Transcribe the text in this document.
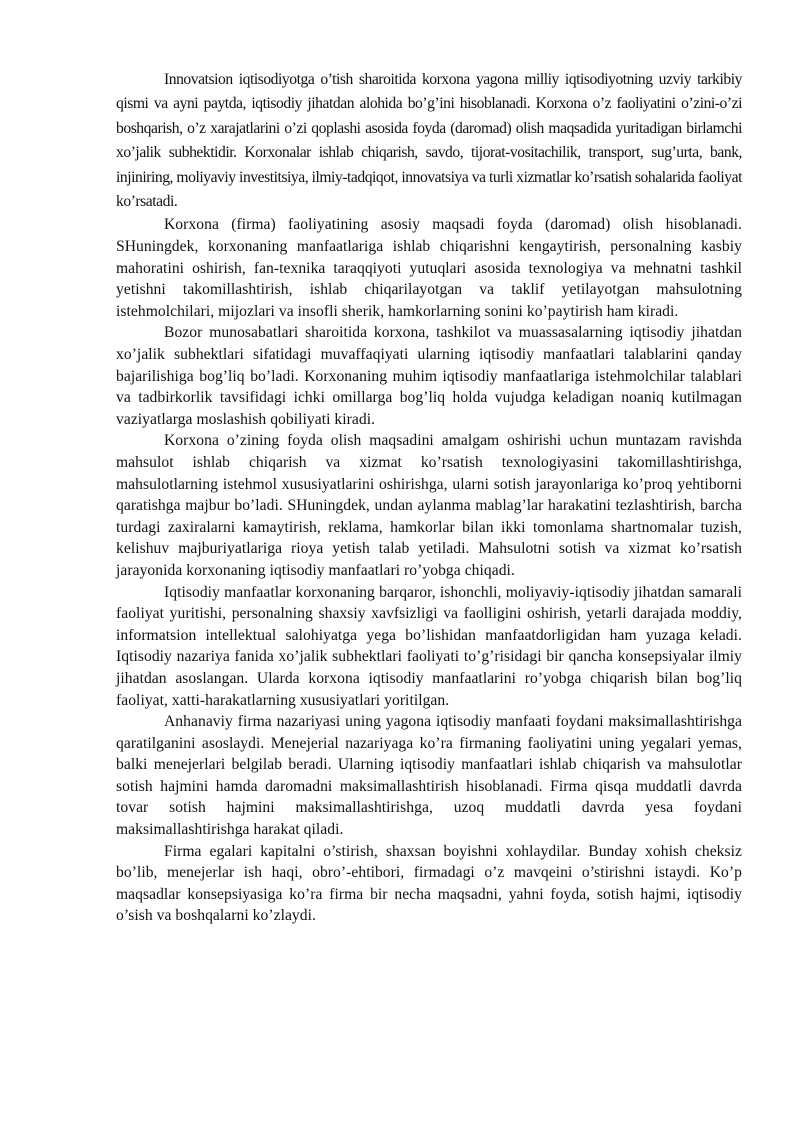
Innovatsion iqtisodiyotga o’tish sharoitida korxona yagona milliy iqtisodiyotning uzviy tarkibiy qismi va ayni paytda, iqtisodiy jihatdan alohida bo’g’ini hisoblanadi. Korxona o’z faoliyatini o’zini-o’zi boshqarish, o’z xarajatlarini o’zi qoplashi asosida foyda (daromad) olish maqsadida yuritadigan birlamchi xo’jalik subhektidir. Korxonalar ishlab chiqarish, savdo, tijorat-vositachilik, transport, sug’urta, bank, injiniring, moliyaviy investitsiya, ilmiy-tadqiqot, innovatsiya va turli xizmatlar ko’rsatish sohalarida faoliyat ko’rsatadi.

Korxona (firma) faoliyatining asosiy maqsadi foyda (daromad) olish hisoblanadi. SHuningdek, korxonaning manfaatlariga ishlab chiqarishni kengaytirish, personalning kasbiy mahoratini oshirish, fan-texnika taraqqiyoti yutuqlari asosida texnologiya va mehnatni tashkil yetishni takomillashtirish, ishlab chiqarilayotgan va taklif yetilayotgan mahsulotning istehmolchilari, mijozlari va insofli sherik, hamkorlarning sonini ko’paytirish ham kiradi.

Bozor munosabatlari sharoitida korxona, tashkilot va muassasalarning iqtisodiy jihatdan xo’jalik subhektlari sifatidagi muvaffaqiyati ularning iqtisodiy manfaatlari talablarini qanday bajarilishiga bog’liq bo’ladi. Korxonaning muhim iqtisodiy manfaatlariga istehmolchilar talablari va tadbirkorlik tavsifidagi ichki omillarga bog’liq holda vujudga keladigan noaniq kutilmagan vaziyatlarga moslashish qobiliyati kiradi.

Korxona o’zining foyda olish maqsadini amalgam oshirishi uchun muntazam ravishda mahsulot ishlab chiqarish va xizmat ko’rsatish texnologiyasini takomillashtirishga, mahsulotlarning istehmol xususiyatlarini oshirishga, ularni sotish jarayonlariga ko’proq yehtiborni qaratishga majbur bo’ladi. SHuningdek, undan aylanma mablag’lar harakatini tezlashtirish, barcha turdagi zaxiralarni kamaytirish, reklama, hamkorlar bilan ikki tomonlama shartnomalar tuzish, kelishuv majburiyatlariga rioya yetish talab yetiladi. Mahsulotni sotish va xizmat ko’rsatish jarayonida korxonaning iqtisodiy manfaatlari ro’yobga chiqadi.

Iqtisodiy manfaatlar korxonaning barqaror, ishonchli, moliyaviy-iqtisodiy jihatdan samarali faoliyat yuritishi, personalning shaxsiy xavfsizligi va faolligini oshirish, yetarli darajada moddiy, informatsion intellektual salohiyatga yega bo’lishidan manfaatdorligidan ham yuzaga keladi. Iqtisodiy nazariya fanida xo’jalik subhektlari faoliyati to’g’risidagi bir qancha konsepsiyalar ilmiy jihatdan asoslangan. Ularda korxona iqtisodiy manfaatlarini ro’yobga chiqarish bilan bog’liq faoliyat, xatti-harakatlarning xususiyatlari yoritilgan.

Anhanaviy firma nazariyasi uning yagona iqtisodiy manfaati foydani maksimallashtirishga qaratilganini asoslaydi. Menejerial nazariyaga ko’ra firmaning faoliyatini uning yegalari yemas, balki menejerlari belgilab beradi. Ularning iqtisodiy manfaatlari ishlab chiqarish va mahsulotlar sotish hajmini hamda daromadni maksimallashtirish hisoblanadi. Firma qisqa muddatli davrda tovar sotish hajmini maksimallashtirishga, uzoq muddatli davrda yesa foydani maksimallashtirishga harakat qiladi.

Firma egalari kapitalni o’stirish, shaxsan boyishni xohlaydilar. Bunday xohish cheksiz bo’lib, menejerlar ish haqi, obro’-ehtibori, firmadagi o’z mavqeini o’stirishni istaydi. Ko’p maqsadlar konsepsiyasiga ko’ra firma bir necha maqsadni, yahni foyda, sotish hajmi, iqtisodiy o’sish va boshqalarni ko’zlaydi.
